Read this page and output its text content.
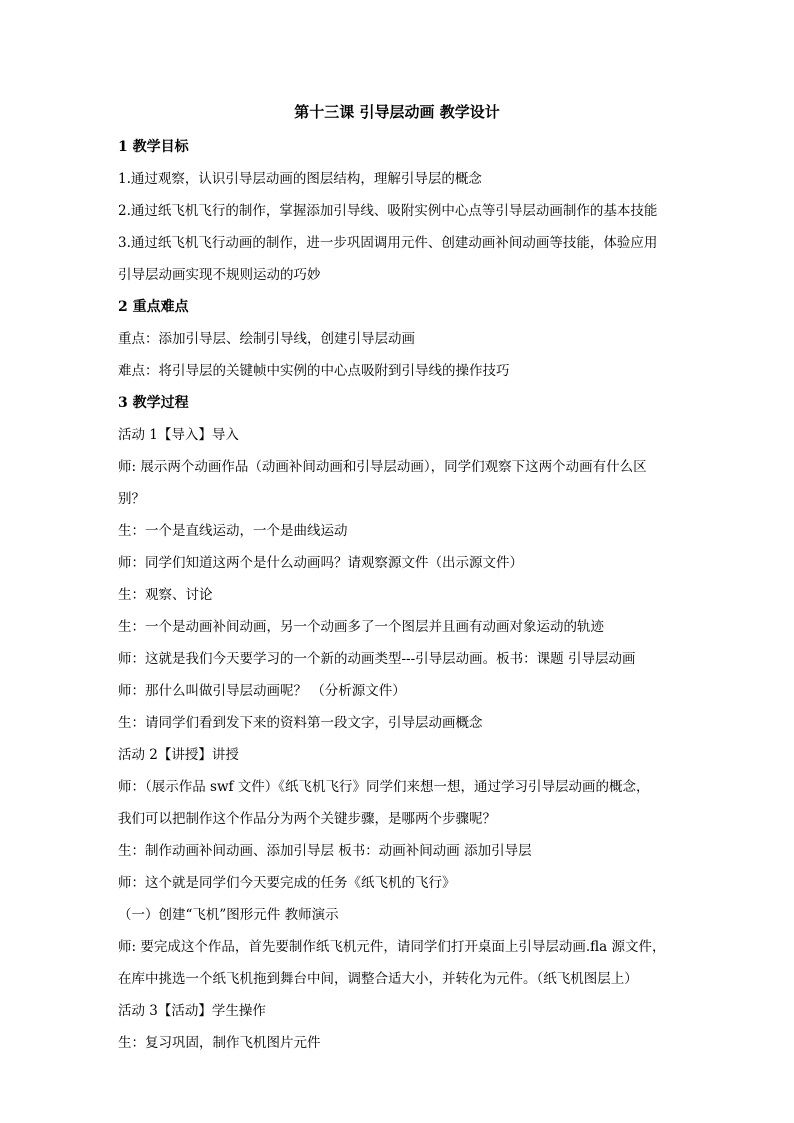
第十三课 引导层动画 教学设计
1 教学目标
1.通过观察，认识引导层动画的图层结构，理解引导层的概念
2.通过纸飞机飞行的制作，掌握添加引导线、吸附实例中心点等引导层动画制作的基本技能
3.通过纸飞机飞行动画的制作，进一步巩固调用元件、创建动画补间动画等技能，体验应用
引导层动画实现不规则运动的巧妙
2 重点难点
重点：添加引导层、绘制引导线，创建引导层动画
难点：将引导层的关键帧中实例的中心点吸附到引导线的操作技巧
3 教学过程
活动 1【导入】导入
师: 展示两个动画作品（动画补间动画和引导层动画），同学们观察下这两个动画有什么区
别？
生：一个是直线运动，一个是曲线运动
师：同学们知道这两个是什么动画吗？请观察源文件（出示源文件）
生：观察、讨论
生：一个是动画补间动画，另一个动画多了一个图层并且画有动画对象运动的轨迹
师：这就是我们今天要学习的一个新的动画类型---引导层动画。板书：课题 引导层动画
师：那什么叫做引导层动画呢？ （分析源文件）
生：请同学们看到发下来的资料第一段文字，引导层动画概念
活动 2【讲授】讲授
师：（展示作品 swf 文件）《纸飞机飞行》同学们来想一想，通过学习引导层动画的概念，
我们可以把制作这个作品分为两个关键步骤，是哪两个步骤呢？
生：制作动画补间动画、添加引导层 板书：动画补间动画 添加引导层
师：这个就是同学们今天要完成的任务《纸飞机的飞行》
（一）创建“飞机”图形元件 教师演示
师: 要完成这个作品，首先要制作纸飞机元件，请同学们打开桌面上引导层动画.fla 源文件，
在库中挑选一个纸飞机拖到舞台中间，调整合适大小，并转化为元件。（纸飞机图层上）
活动 3【活动】学生操作
生：复习巩固，制作飞机图片元件
